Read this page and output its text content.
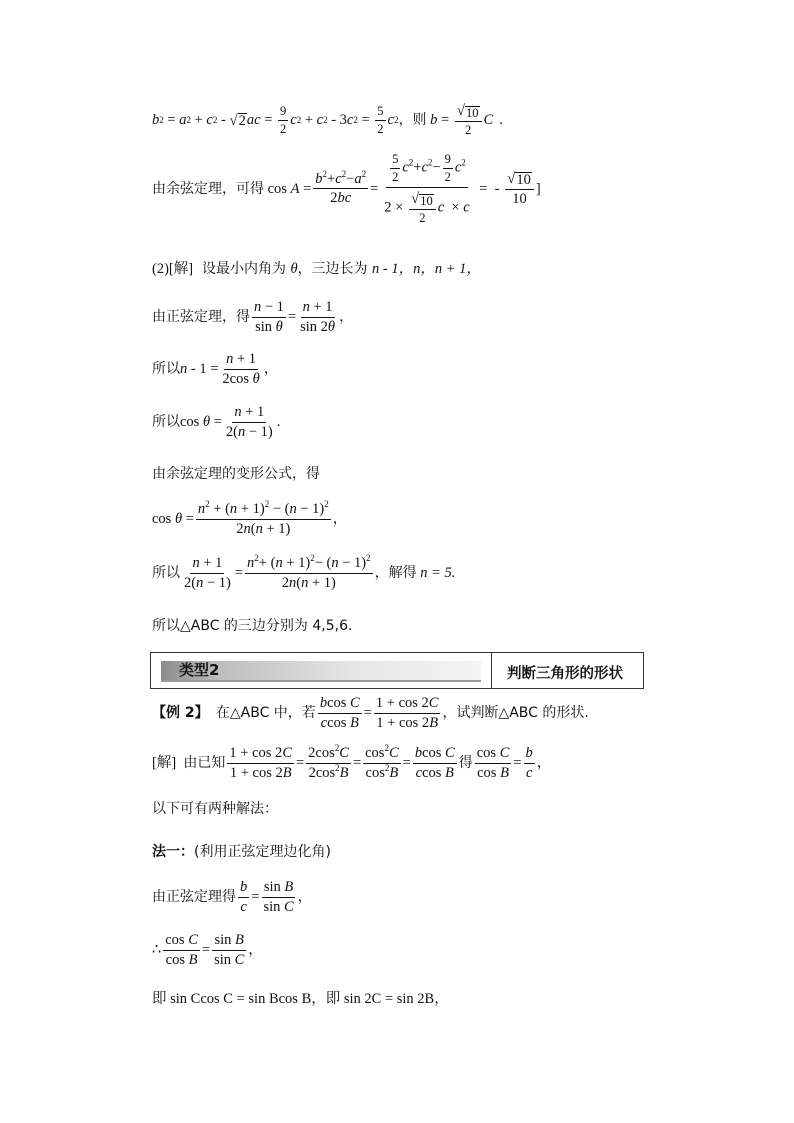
b 2 = a 2 + c 2 - √ 2 ac = $\frac{9}{2}$ c 2 + c 2 - 3 c $2 = \frac{5}{2}$ c 2 ，则
$b = \frac{√ 10}{2}$ C .
由余弦定理，可得 $\cos A = \frac{b^2+c^2-a^2}{2bc} = \frac{\frac{5}{2} c^2+c^2- \frac{9}{2} c^2}{2 \times \frac{√ 10}{2} c \times c}$ =  - $\frac{√ 10}{10}$ ]
(2)[解]
设最小内角为
θ ，三边长为
n - 1，n，n + 1，
由正弦定理，得 $\frac{n - 1}{\text{sin θ}} = \frac{n + 1}{\sin 2\theta}$ ，
所以 $n - 1 = \frac{n + 1}{\text{2cos θ}}$ ，
所以 $\cos \theta = \frac{n + 1}{2(n - 1)}$ .
由余弦定理的变形公式，得
$\cos \theta = \frac{n^2 + (n + 1)^2 - (n - 1)^2}{2n(n + 1)}$ ，
所以 $\frac{n + 1}{2(n - 1)} = \frac{n^2+ (n + 1)^2- (n - 1)^2}{2n(n + 1)}$ ，解得
n = 5.
所以△ABC 的三边分别为 4,5,6.
类型2	判断三角形的形状
【例 2】
在△ABC 中，若 $\frac{\text{bcos C}}{\text{ccos B}} = \frac{1 + \cos 2C}{1 + \cos 2B}$ ，试判断△ABC 的形状.
[解]
由已知 $\frac{1 + \cos 2C}{1 + \cos 2B} = \frac{2\cos^2C}{2\cos^2B} = \frac{\cos^2C}{\cos^2B} = \frac{\text{bcos C}}{\text{ccos B}}$ 得 $\frac{\text{cos C}}{\text{cos B}} = \frac{b}{c}$ ，
以下可有两种解法：
法一： (利用正弦定理边化角)
由正弦定理得 $\frac{b}{c} = \frac{\text{sin B}}{\text{sin C}}$ ，
∴ $\frac{\text{cos C}}{\text{cos B}} = \frac{\text{sin B}}{\text{sin C}}$ ，
即 sin Ccos C = sin Bcos B，即 sin 2C = sin 2B，
